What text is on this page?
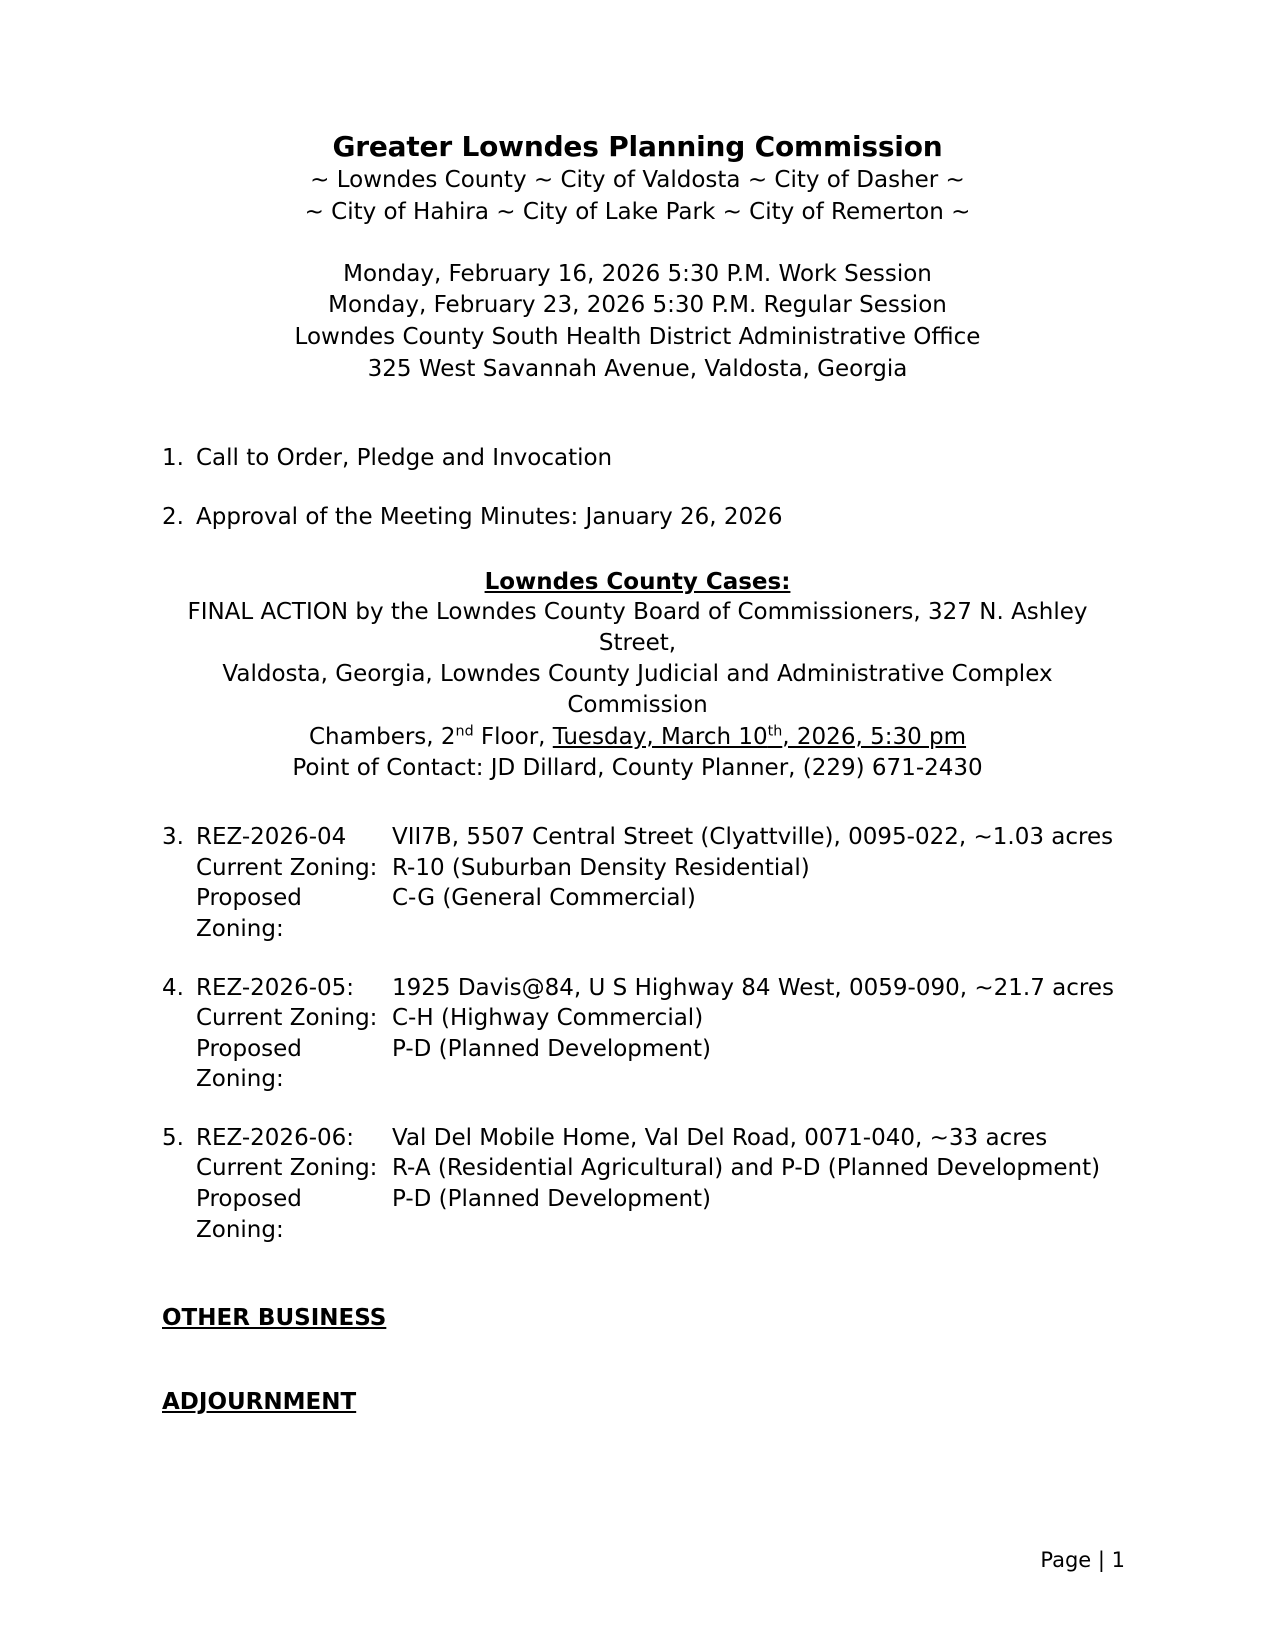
Greater Lowndes Planning Commission

~ Lowndes County ~ City of Valdosta ~ City of Dasher ~

~ City of Hahira ~ City of Lake Park ~ City of Remerton ~

Monday, February 16, 2026 5:30 P.M. Work Session

Monday, February 23, 2026 5:30 P.M. Regular Session

Lowndes County South Health District Administrative Office

325 West Savannah Avenue, Valdosta, Georgia

1. Call to Order, Pledge and Invocation
2. Approval of the Meeting Minutes: January 26, 2026

Lowndes County Cases:

FINAL ACTION by the Lowndes County Board of Commissioners, 327 N. Ashley Street,

Valdosta, Georgia, Lowndes County Judicial and Administrative Complex Commission

Chambers, 2nd Floor, Tuesday, March 10th, 2026, 5:30 pm

Point of Contact: JD Dillard, County Planner, (229) 671-2430

3. REZ-2026-04	VII7B, 5507 Central Street (Clyattville), 0095-022, ~1.03 acres
Current Zoning: R-10 (Suburban Density Residential)
Proposed Zoning:
C-G (General Commercial)
4. REZ-2026-05:	1925 Davis@84, U S Highway 84 West, 0059-090, ~21.7 acres
Current Zoning: C-H (Highway Commercial)
Proposed Zoning:
P-D (Planned Development)
5. REZ-2026-06:	Val Del Mobile Home, Val Del Road, 0071-040, ~33 acres
Current Zoning: R-A (Residential Agricultural) and P-D (Planned Development)
Proposed Zoning:
P-D (Planned Development)
OTHER BUSINESS
ADJOURNMENT
Page | 1
